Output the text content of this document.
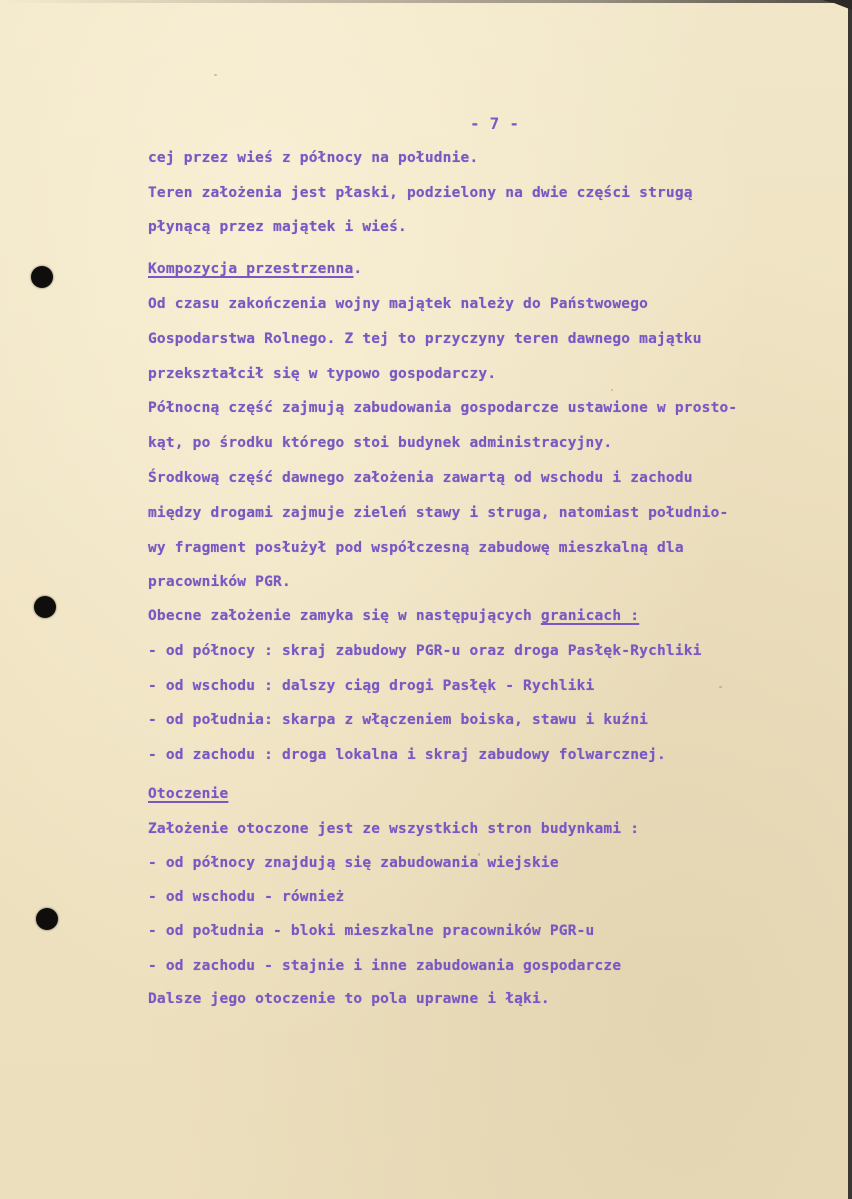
- 7 -
cej przez wieś z północy na południe.
Teren założenia jest płaski, podzielony na dwie części strugą
płynącą przez majątek i wieś.
Kompozycja przestrzenna.
Od czasu zakończenia wojny majątek należy do Państwowego
Gospodarstwa Rolnego. Z tej to przyczyny teren dawnego majątku
przekształcił się w typowo gospodarczy.
Północną część zajmują zabudowania gospodarcze ustawione w prosto-
kąt, po środku którego stoi budynek administracyjny.
Środkową część dawnego założenia zawartą od wschodu i zachodu
między drogami zajmuje zieleń stawy i struga, natomiast południo-
wy fragment posłużył pod współczesną zabudowę mieszkalną dla
pracowników PGR.
Obecne założenie zamyka się w następujących granicach :
- od północy : skraj zabudowy PGR-u oraz droga Pasłęk-Rychliki
- od wschodu : dalszy ciąg drogi Pasłęk - Rychliki
- od południa: skarpa z włączeniem boiska, stawu i kuźni
- od zachodu : droga lokalna i skraj zabudowy folwarcznej.
Otoczenie
Założenie otoczone jest ze wszystkich stron budynkami :
- od północy znajdują się zabudowania wiejskie
- od wschodu - również
- od południa - bloki mieszkalne pracowników PGR-u
- od zachodu - stajnie i inne zabudowania gospodarcze
Dalsze jego otoczenie to pola uprawne i łąki.
